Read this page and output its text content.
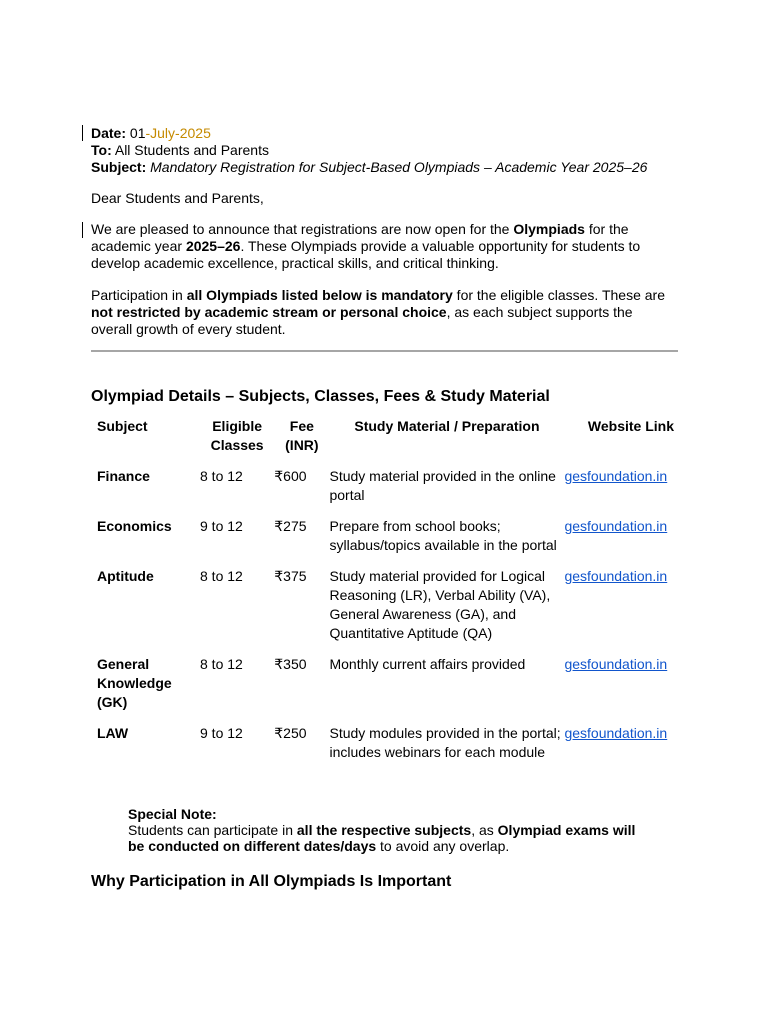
Date: 01-July-2025

To: All Students and Parents

Subject: Mandatory Registration for Subject-Based Olympiads – Academic Year 2025–26

Dear Students and Parents,

We are pleased to announce that registrations are now open for the Olympiads for the academic year 2025–26. These Olympiads provide a valuable opportunity for students to develop academic excellence, practical skills, and critical thinking.

Participation in all Olympiads listed below is mandatory for the eligible classes. These are not restricted by academic stream or personal choice, as each subject supports the overall growth of every student.

Olympiad Details – Subjects, Classes, Fees & Study Material
Subject	Eligible Classes	Fee (INR)	Study Material / Preparation	Website Link
Finance	8 to 12	₹600	Study material provided in the online portal	gesfoundation.in
Economics	9 to 12	₹275	Prepare from school books; syllabus/topics available in the portal	gesfoundation.in
Aptitude	8 to 12	₹375	Study material provided for Logical Reasoning (LR), Verbal Ability (VA), General Awareness (GA), and Quantitative Aptitude (QA)	gesfoundation.in
General Knowledge (GK)	8 to 12	₹350	Monthly current affairs provided	gesfoundation.in
LAW	9 to 12	₹250	Study modules provided in the portal; includes webinars for each module	gesfoundation.in
Special Note:
Students can participate in all the respective subjects, as Olympiad exams will be conducted on different dates/days to avoid any overlap.
Why Participation in All Olympiads Is Important
